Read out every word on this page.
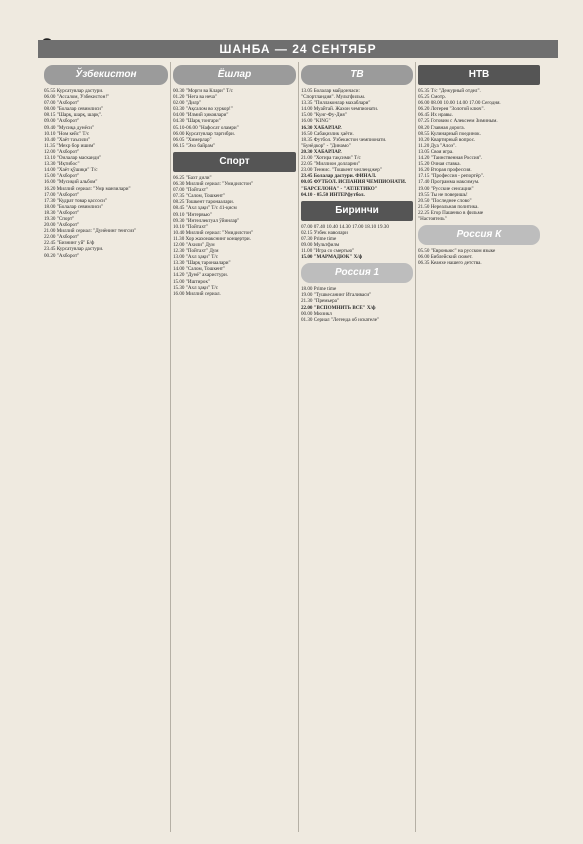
ШАНБА — 24 СЕНТЯБР
Ўзбекистон
05.55 Курсатувлар дастури.
06.00 "Ассалом, Ўзбекистон!"
07.00 "Ахборот"
08.00 "Болалар севимлиси"
08.15 "Шарқ, шарқ, шарқ".
09.00 "Ахборот"
09.40 "Мусиқа дунёси"
10.10 "Ном кейс" Т/с
10.40 "Хаёт таъсили"
11.35 "Мехр бор ишим"
12.00 "Ахборот"
13.10 "Оилалар масканди"
13.30 "Иқтибос"
14.00 "Хаёт қўшиқи" Т/с
15.00 "Ахборот"
16.00 "Мусиқий альбом"
16.20 Миллий сериал: "Умр манзилари"
17.00 "Ахборот"
17.30 "Кудрат товар қассоси"
18.00 "Болалар севимлиси"
18.30 "Ахборот"
19.30 "Спорт"
20.00 "Ахборот"
21.00 Миллий сериал: "Дунёнинг тенгсиз"
22.00 "Ахборот"
22.45 "Бизнинг уй" Б/ф
23.45 Курсатувлар дастури.
00.20 "Ахборот"
Ёшлар
00.30 "Морги ва Клари" Т/с
01.20 "Нега ва неча"
02.00 "Дилр"
03.30 "Ақсалом во хуркор!"
04.00 "Илмий ҳикоялари"
04.30 "Шарқ тонгари"
05.10-06.00 "Нафосат оламри"
06.00 Курсатувлар таргибри.
06.05 "Химерлар"
06.15 "Эхо байрам"
Спорт
06.25 "Бахт дили"
06.30 Миллий сериал: "Умидилстон"
07.00 "Пойтахт"
07.35 "Салом, Тошкент"
08.25 Тошкент таронаалари.
08.45 "Ахл ҳақи" Т/с 41-қисм
09.10 "Интервью"
09.30 "Интеллектуал ўйинлар"
10.10 "Пойтахт"
10.40 Миллий сериал: "Умидилстон"
11.30 Хор жахонакснинг концертри.
12.00 "Ахили" Дум
12.30 "Пойтахт" Дум
13.00 "Ахл ҳақи" Т/с
13.30 "Шарқ таронаалари"
14.00 "Салом, Тошкент"
14.20 "Дунё" ахаристури.
15.00 "Иштирок"
15.30 "Ахл ҳақи" Т/с
16.00 Миллий сериал.
ТВ
13.05 Болалар майдончаси:
"Спортландия". Мультфильм.
13.35 "Пиллаконлар махаблари"
14.00 Муайтай. Жахон чемпионати.
15.00 "Кунг-Фу-Дия"
16.00 "KING"
16.30 ХАБАРЛАР.
16.50 Сабақизлик ҳаёти.
18.35 Футбол. Ўзбекистон чемпионати.
"Бунёдкор" - "Динамо"
20.30 ХАБАРЛАР.
21.00 "Хотира тақсими" Т/с
22.05 "Миллион долларни"
23.00 Теннис. "Тошкент челленджер"
23.45 Болалар дастури. ФИНАЛ.
00.05 ФУТБОЛ. ИСПАНИЯ ЧЕМПИОНАТИ.
"БАРСЕЛОНА" - "АТЛЕТИКО"
04.10 - 05.50 ИНТЕРфутбол.
Биринчи
07.00 07.40 10.40 14.30 17.00 18.10 19.30
02.15 Ўзбек наволари
07.30 Prime time
09.00 Мультфилм
11.00 "Игра со смертью"
15.00 "МАРМАДЮК" Х/ф
Россия 1
18.00 Prime time
19.00 "Тушкесанинг Италиваси"
21.30 "Премьера"
22.00 "ВСПОМНИТЬ ВСЁ" Х/ф
00.00 Мюзикл
01.30 Сериал "Легенда об искателе"
НТВ
05.35 Т/с "Дежурный отдел".
05.25 Смотр.
06.00 08.00 10.00 14.00 17.00 Сегодня.
06.20 Лотерея "Золотой ключ".
06.45 Их нравы.
07.25 Готовим с Алексеем Зиминым.
08.20 Главная дорога.
08.55 Кулинарный поединок.
10.20 Квартирный вопрос.
11.20 Дуа "Алоэ".
13.05 Своя игра.
14.20 "Таинственная Россия".
15.20 Очная ставка.
16.20 Вторая профессия.
17.15 "Профессия - репортёр".
17.40 Программа максимум.
19.00 "Русские сенсации"
19.55 Ты не поверишь!
20.50 "Последнее слово"
21.50 Нереальная политика.
22.25 Егор Пашенко в фильме
"Настоятель"
Россия К
05.50 "Евроньюс" на русском языке
06.00 Библейский сюжет.
06.35 Кеанхе нашего детства.
